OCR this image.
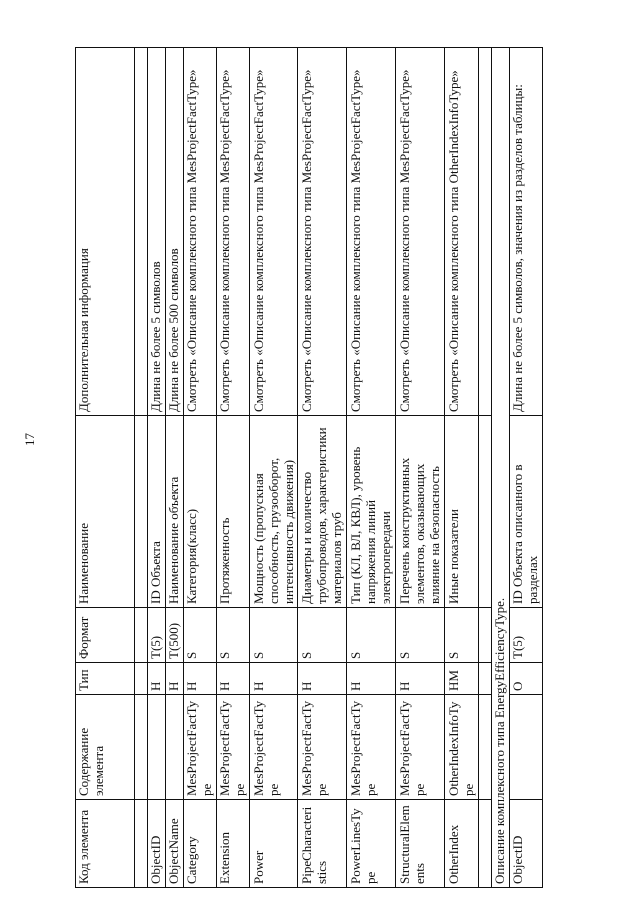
17
Код элемента	Содержание элемента	Тип	Формат	Наименование	Дополнительная информация

ObjectID		Н	T(5)	ID Объекта	Длина не более 5 символов
ObjectName		Н	T(500)	Наименование объекта	Длина не более 500 символов
Category	MesProjectFactType	Н	S	Категория(класс)	Смотреть «Описание комплексного типа MesProjectFactType»
Extension	MesProjectFactType	Н	S	Протяженность	Смотреть «Описание комплексного типа MesProjectFactType»
Power	MesProjectFactType	Н	S	Мощность (пропускная способность, грузооборот, интенсивность движения)	Смотреть «Описание комплексного типа MesProjectFactType»
PipeCharacteristics	MesProjectFactType	Н	S	Диаметры и количество трубопроводов, характеристики материалов труб	Смотреть «Описание комплексного типа MesProjectFactType»
PowerLinesType	MesProjectFactType	Н	S	Тип (КЛ, ВЛ, КВЛ), уровень напряжения линий электропередачи	Смотреть «Описание комплексного типа MesProjectFactType»
StructuralElements	MesProjectFactType	Н	S	Перечень конструктивных элементов, оказывающих влияние на безопасность	Смотреть «Описание комплексного типа MesProjectFactType»
OtherIndex	OtherIndexInfoType	НМ	S	Иные показатели	Смотреть «Описание комплексного типа OtherIndexInfoType»

Описание комплексного типа EnergyEfficiencyType.					
ObjectID		О	T(5)	ID Объекта описанного в разделах	Длина не более 5 символов, значения из разделов таблицы:
